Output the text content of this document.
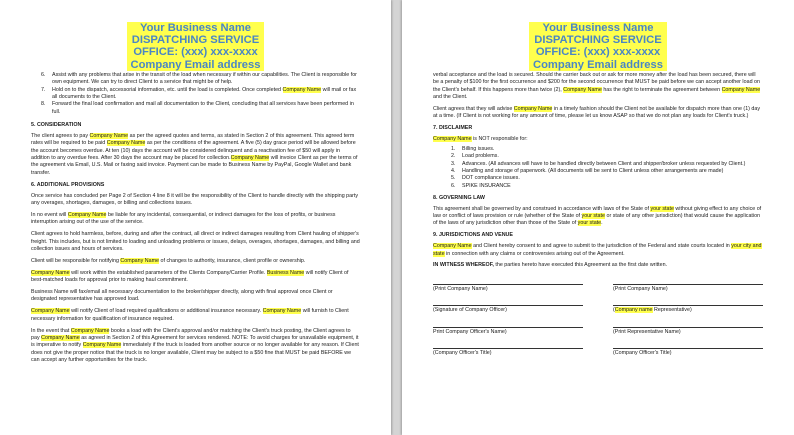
Your Business Name
DISPATCHING SERVICE
OFFICE: (xxx) xxx-xxxx
Company Email address
6.	Assist with any problems that arise in the transit of the load when necessary if within our capabilities. The Client is responsible for own equipment. We can try to direct Client to a service that might be of help.
7.	Hold on to the dispatch, accessorial information, etc. until the load is completed. Once completed Company Name will mail or fax all documents to the Client.
8.	Forward the final load confirmation and mail all documentation to the Client, concluding that all services have been performed in full.
5. CONSIDERATION

The client agrees to pay Company Name as per the agreed quotes and terms, as stated in Section 2 of this agreement. This agreed term rates will be required to be paid Company Name as per the conditions of the agreement. A five (5) day grace period will be allowed before the account becomes overdue. At ten (10) days the account will be considered delinquent and a reactivation fee of $50 will apply in addition to any overdue fees. After 30 days the account may be placed for collection.Company Name will invoice Client as per the terms of the agreement via Email, U.S. Mail or faxing said invoice. Payment can be made to Business Name by PayPal, Google Wallet and bank transfer.

6. ADDITIONAL PROVISIONS

Once service has concluded per Page 2 of Section 4 line 8 it will be the responsibility of the Client to handle directly with the shipping party any overages, shortages, damages, or billing and collections issues.

In no event will Company Name be liable for any incidental, consequential, or indirect damages for the loss of profits, or business interruption arising out of the use of the service.

Client agrees to hold harmless, before, during and after the contract, all direct or indirect damages resulting from Client hauling of shipper's freight. This includes, but is not limited to loading and unloading problems or issues, delays, overages, shortages, damages, and billing and collection issues and hours of services.

Client will be responsible for notifying Company Name of changes to authority, insurance, client profile or ownership.

Company Name will work within the established parameters of the Clients Company/Carrier Profile. Business Name will notify Client of best-matched loads for approval prior to making haul commitment.

Business Name will fax/email all necessary documentation to the broker/shipper directly, along with final approval once Client or designated representative has approved load.

Company Name will notify Client of load required qualifications or additional insurance necessary. Company Name will furnish to Client necessary information for qualification of insurance required.

In the event that Company Name books a load with the Client's approval and/or matching the Client's truck posting, the Client agrees to pay Company Name as agreed in Section 2 of this Agreement for services rendered. NOTE: To avoid charges for unavailable equipment, it is imperative to notify Company Name immediately if the truck is loaded from another source or no longer available for any reason. If Client does not give the proper notice that the truck is no longer available, Client may be subject to a $50 fine that MUST be paid BEFORE we can accept any further opportunities for the truck.

Your Business Name
DISPATCHING SERVICE
OFFICE: (xxx) xxx-xxxx
Company Email address

verbal acceptance and the load is secured. Should the carrier back out or ask for more money after the load has been secured, there will be a penalty of $100 for the first occurrence and $200 for the second occurrence that MUST be paid before we can accept another load on the Client's behalf. If this happens more than twice (2), Company Name has the right to terminate the agreement between Company Name and the Client.

Client agrees that they will advise Company Name in a timely fashion should the Client not be available for dispatch more than one (1) day at a time. (If Client is not working for any amount of time, please let us know ASAP so that we do not plan any loads for Client's truck.)

7. DISCLAIMER

Company Name is NOT responsible for:

1.	Billing issues.
2.	Load problems.
3.	Advances. (All advances will have to be handled directly between Client and shipper/broker unless requested by Client.)
4.	Handling and storage of paperwork. (All documents will be sent to Client unless other arrangements are made)
5.	DOT compliance issues.
6.	SPIKE INSURANCE
8. GOVERNING LAW

This agreement shall be governed by and construed in accordance with laws of the State of your state without giving effect to any choice of law or conflict of laws provision or rule (whether of the State of your state or state of any other jurisdiction) that would cause the application of the laws of any jurisdiction other than those of the State of your state.

9. JURISDICTIONS AND VENUE

Company Name and Client hereby consent to and agree to submit to the jurisdiction of the Federal and state courts located in your city and state in connection with any claims or controversies arising out of the Agreement.

IN WITNESS WHEREOF, the parties hereto have executed this Agreement as the first date written.

(Print Company Name)	(Print Company Name)
(Signature of Company Officer)	(Company name Representative)
Print Company Officer's Name)	(Print Representative Name)
(Company Officer's Title)	(Company Officer's Title)
